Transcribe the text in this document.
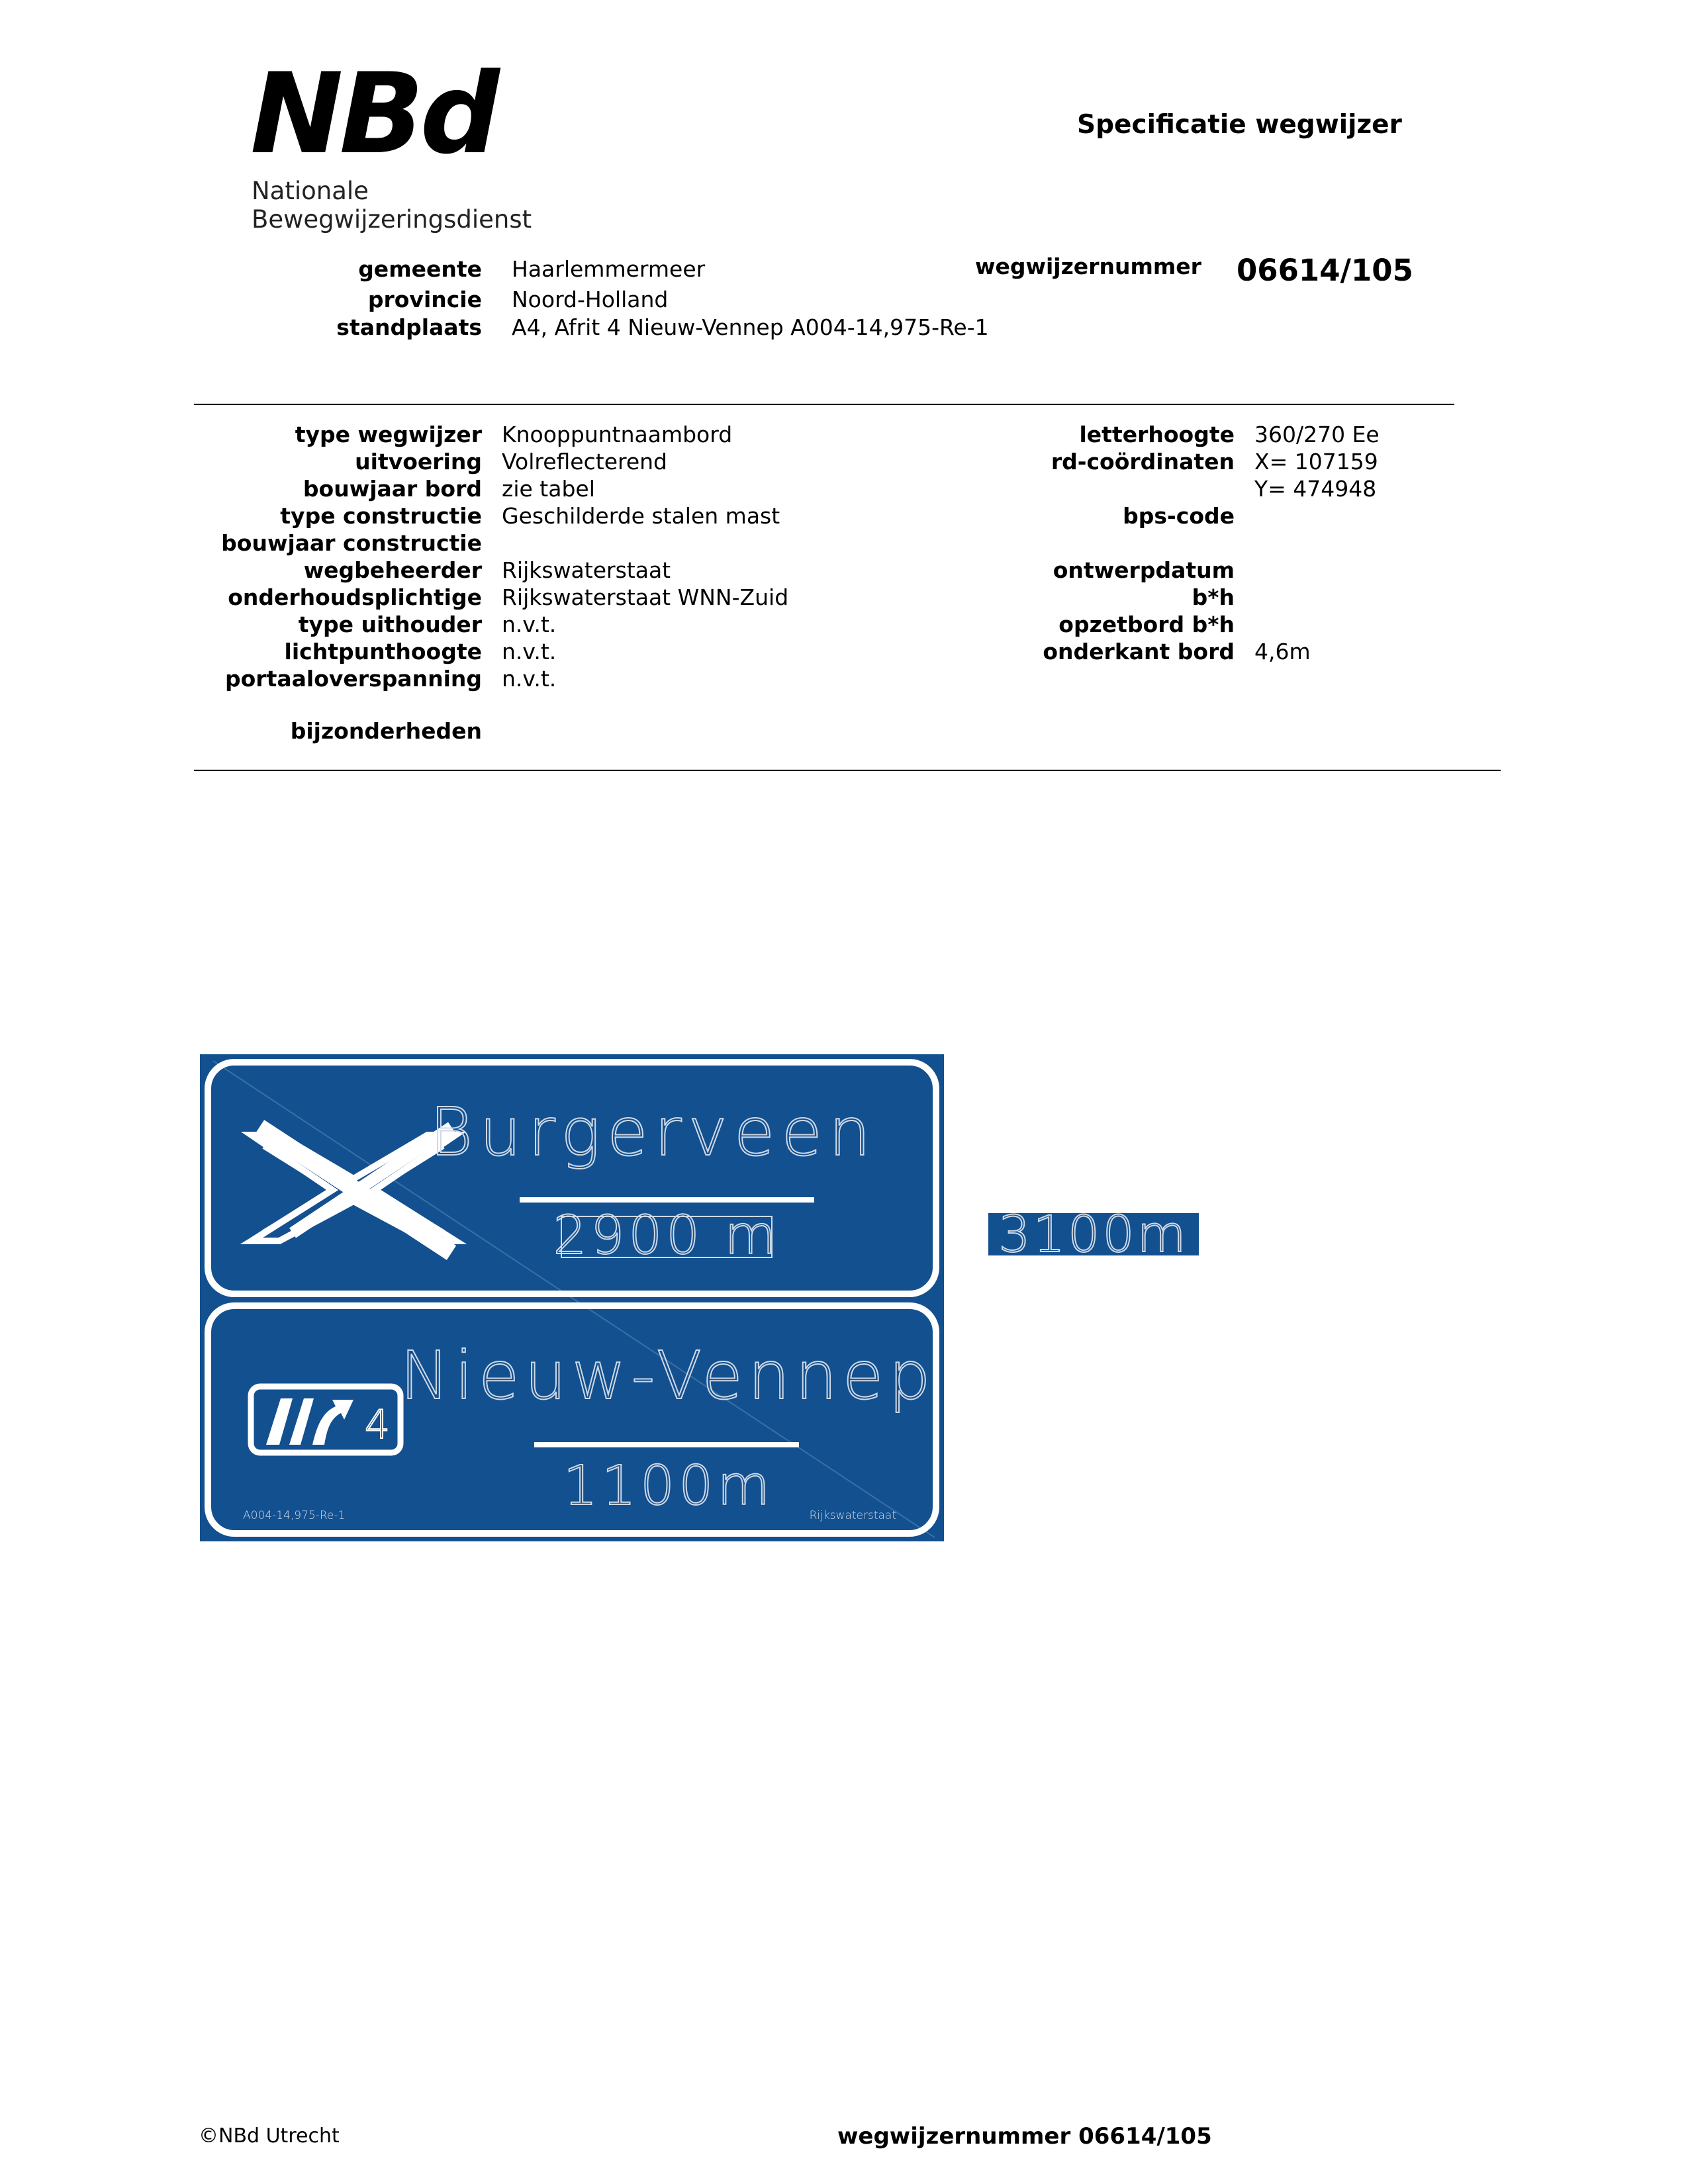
NBd
Nationale
Bewegwijzeringsdienst
Specificatie wegwijzer
gemeente Haarlemmermeer
provincie Noord-Holland
standplaats A4, Afrit 4 Nieuw-Vennep A004-14,975-Re-1
wegwijzernummer 06614/105
type wegwijzer Knooppuntnaambord
uitvoering Volreflecterend
bouwjaar bord zie tabel
type constructie Geschilderde stalen mast
bouwjaar constructie
wegbeheerder Rijkswaterstaat
onderhoudsplichtige Rijkswaterstaat WNN-Zuid
type uithouder n.v.t.
lichtpunthoogte n.v.t.
portaaloverspanning n.v.t.
bijzonderheden
letterhoogte 360/270 Ee
rd-coördinaten X= 107159
Y= 474948
bps-code
ontwerpdatum
b*h
opzetbord b*h
onderkant bord 4,6m
Burgerveen
2900 m
4
Nieuw-Vennep
1100m
A004-14,975-Re-1	Rijkswaterstaat
3100m
©NBd Utrecht	wegwijzernummer 06614/105
